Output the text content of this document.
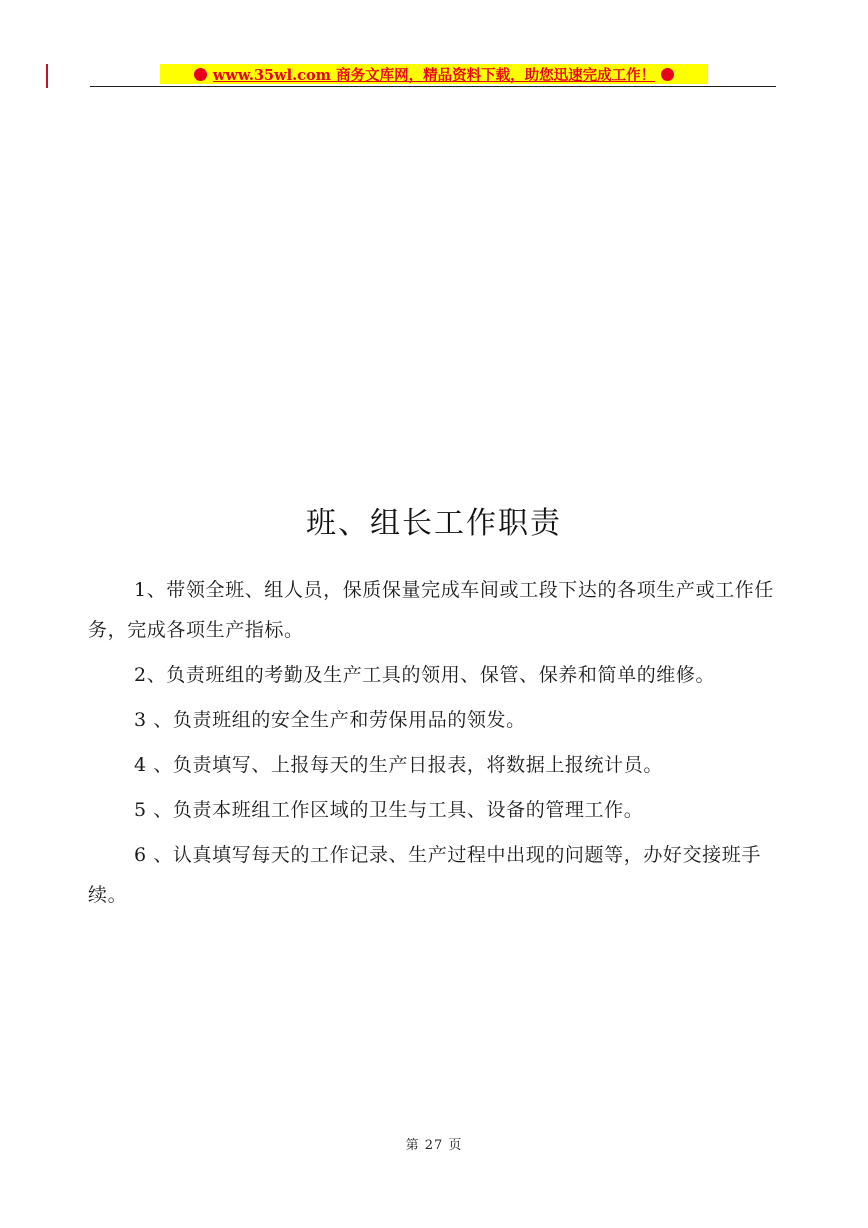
www.35wl.com 商务文库网，精品资料下载，助您迅速完成工作！
班、组长工作职责

1、带领全班、组人员，保质保量完成车间或工段下达的各项生产或工作任务，完成各项生产指标。

2、负责班组的考勤及生产工具的领用、保管、保养和简单的维修。

3 、负责班组的安全生产和劳保用品的领发。

4 、负责填写、上报每天的生产日报表，将数据上报统计员。

5 、负责本班组工作区域的卫生与工具、设备的管理工作。

6 、认真填写每天的工作记录、生产过程中出现的问题等，办好交接班手续。

第 27 页
